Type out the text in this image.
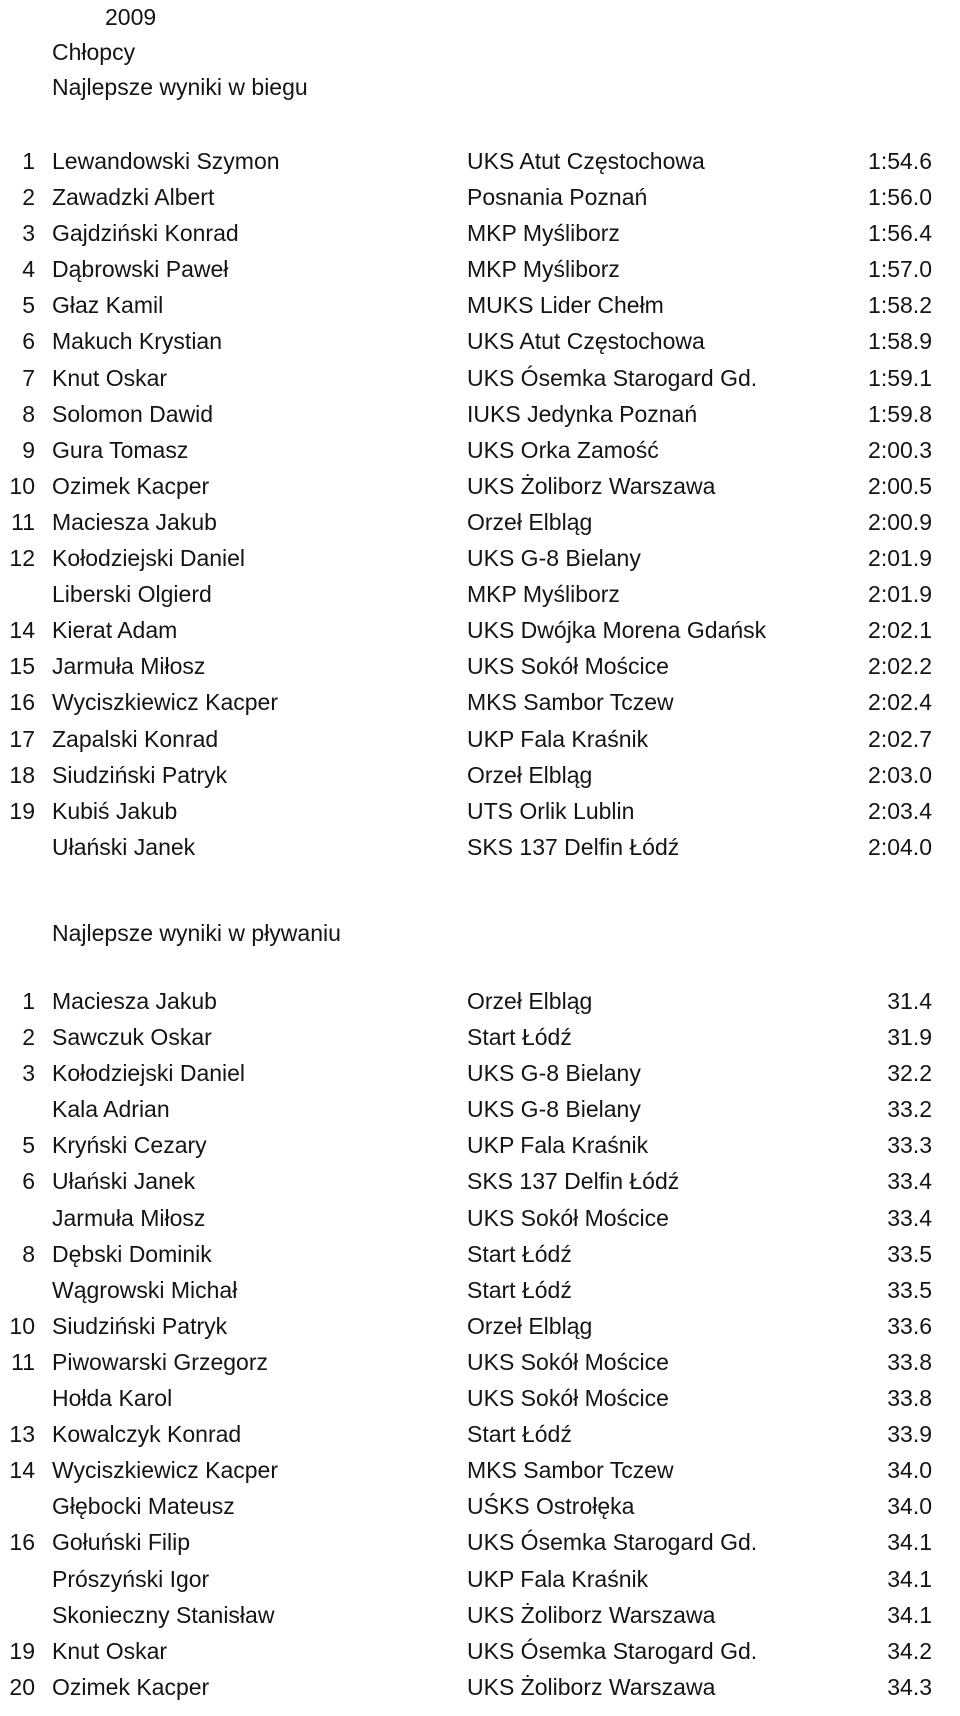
2009
Chłopcy
Najlepsze wyniki w biegu
1 Lewandowski Szymon	UKS Atut Częstochowa	1:54.6
2 Zawadzki Albert	Posnania Poznań	1:56.0
3 Gajdziński Konrad	MKP Myśliborz	1:56.4
4 Dąbrowski Paweł	MKP Myśliborz	1:57.0
5 Głaz Kamil	MUKS Lider Chełm	1:58.2
6 Makuch Krystian	UKS Atut Częstochowa	1:58.9
7 Knut Oskar	UKS Ósemka Starogard Gd.	1:59.1
8 Solomon Dawid	IUKS Jedynka Poznań	1:59.8
9 Gura Tomasz	UKS Orka Zamość	2:00.3
10 Ozimek Kacper	UKS Żoliborz Warszawa	2:00.5
11 Maciesza Jakub	Orzeł Elbląg	2:00.9
12 Kołodziejski Daniel	UKS G-8 Bielany	2:01.9
Liberski Olgierd	MKP Myśliborz	2:01.9
14 Kierat Adam	UKS Dwójka Morena Gdańsk	2:02.1
15 Jarmuła Miłosz	UKS Sokół Mościce	2:02.2
16 Wyciszkiewicz Kacper	MKS Sambor Tczew	2:02.4
17 Zapalski Konrad	UKP Fala Kraśnik	2:02.7
18 Siudziński Patryk	Orzeł Elbląg	2:03.0
19 Kubiś Jakub	UTS Orlik Lublin	2:03.4
Ułański Janek	SKS 137 Delfin Łódź	2:04.0
Najlepsze wyniki w pływaniu
1 Maciesza Jakub	Orzeł Elbląg	31.4
2 Sawczuk Oskar	Start Łódź	31.9
3 Kołodziejski Daniel	UKS G-8 Bielany	32.2
Kala Adrian	UKS G-8 Bielany	33.2
5 Kryński Cezary	UKP Fala Kraśnik	33.3
6 Ułański Janek	SKS 137 Delfin Łódź	33.4
Jarmuła Miłosz	UKS Sokół Mościce	33.4
8 Dębski Dominik	Start Łódź	33.5
Wągrowski Michał	Start Łódź	33.5
10 Siudziński Patryk	Orzeł Elbląg	33.6
11 Piwowarski Grzegorz	UKS Sokół Mościce	33.8
Hołda Karol	UKS Sokół Mościce	33.8
13 Kowalczyk Konrad	Start Łódź	33.9
14 Wyciszkiewicz Kacper	MKS Sambor Tczew	34.0
Głębocki Mateusz	UŚKS Ostrołęka	34.0
16 Gołuński Filip	UKS Ósemka Starogard Gd.	34.1
Prószyński Igor	UKP Fala Kraśnik	34.1
Skonieczny Stanisław	UKS Żoliborz Warszawa	34.1
19 Knut Oskar	UKS Ósemka Starogard Gd.	34.2
20 Ozimek Kacper	UKS Żoliborz Warszawa	34.3
